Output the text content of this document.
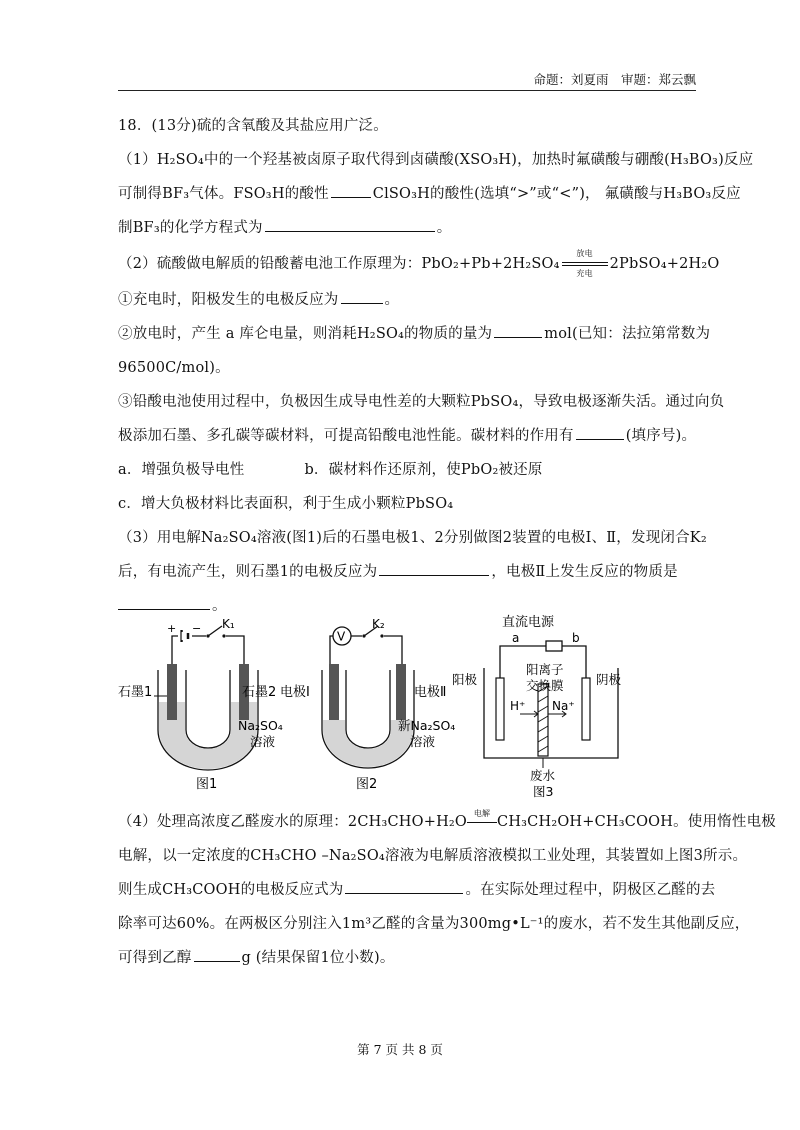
命题：刘夏雨　审题：郑云飘
18．(13分)硫的含氧酸及其盐应用广泛。
（1）H₂SO₄中的一个羟基被卤原子取代得到卤磺酸(XSO₃H)，加热时氟磺酸与硼酸(H₃BO₃)反应
可制得BF₃气体。FSO₃H的酸性	ClSO₃H的酸性(选填“>”或“<”)， 氟磺酸与H₃BO₃反应
制BF₃的化学方程式为	。
（2）硫酸做电解质的铅酸蓄电池工作原理为：PbO₂+Pb+2H₂SO₄
放电
充电
2PbSO₄+2H₂O
①充电时，阳极发生的电极反应为	。
②放电时，产生 a 库仑电量，则消耗H₂SO₄的物质的量为	mol(已知：法拉第常数为
96500C/mol)。
③铅酸电池使用过程中，负极因生成导电性差的大颗粒PbSO₄，导致电极逐渐失活。通过向负
极添加石墨、多孔碳等碳材料，可提高铅酸电池性能。碳材料的作用有	(填序号)。
a．增强负极导电性	b．碳材料作还原剂，使PbO₂被还原
c．增大负极材料比表面积，利于生成小颗粒PbSO₄
（3）用电解Na₂SO₄溶液(图1)后的石墨电极1、2分别做图2装置的电极Ⅰ、Ⅱ，发现闭合K₂
后，有电流产生，则石墨1的电极反应为	，电极Ⅱ上发生反应的物质是
。
+ − K₁
石墨1	石墨2
Na₂SO₄
溶液
图1
V
K₂
电极Ⅰ	电极Ⅱ
新Na₂SO₄
溶液
图2
直流电源
a	b
阳极	阴极
阳离子
交换膜
H⁺ Na⁺
废水
图3
（4）处理高浓度乙醛废水的原理：2CH₃CHO+H₂O
电解
CH₃CH₂OH+CH₃COOH。使用惰性电极
电解，以一定浓度的CH₃CHO –Na₂SO₄溶液为电解质溶液模拟工业处理，其装置如上图3所示。
则生成CH₃COOH的电极反应式为	。在实际处理过程中，阴极区乙醛的去
除率可达60%。在两极区分别注入1m³乙醛的含量为300mg•L⁻¹的废水，若不发生其他副反应，
可得到乙醇	g (结果保留1位小数)。
第 7 页 共 8 页
